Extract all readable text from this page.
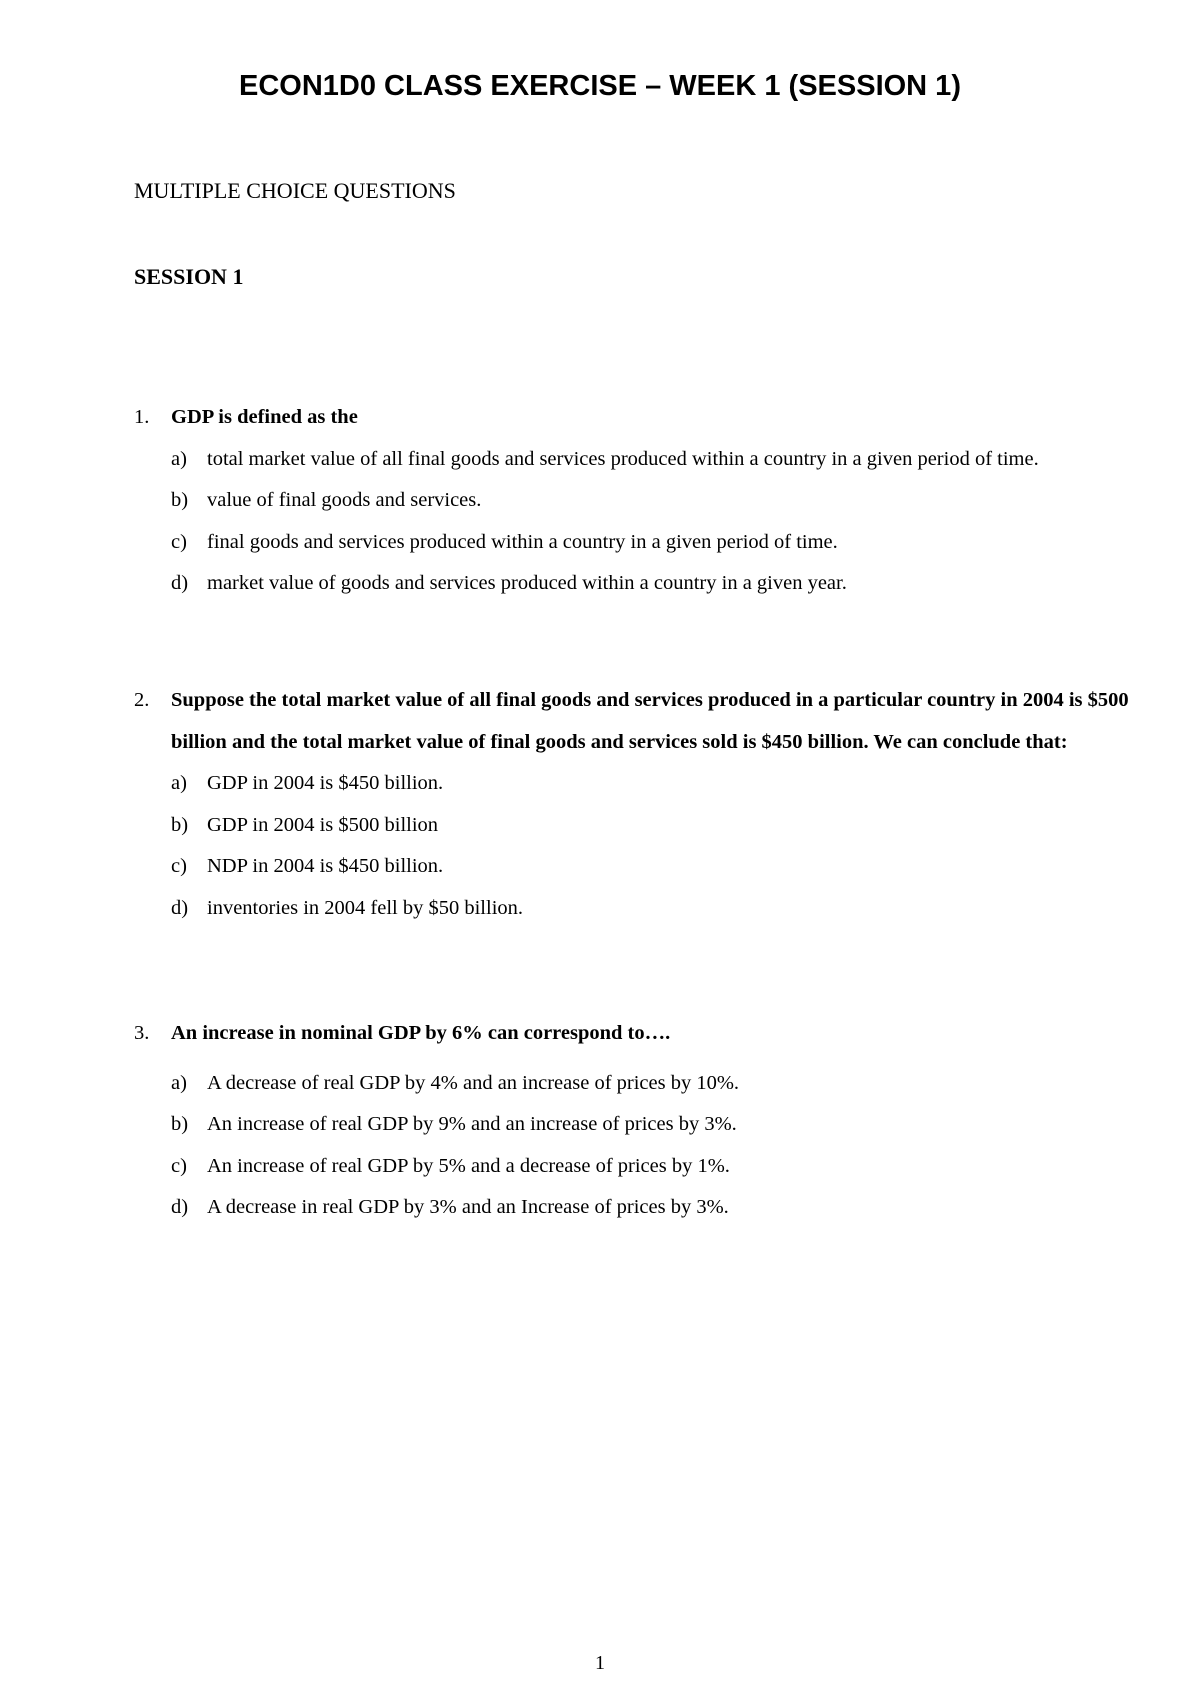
ECON1D0 CLASS EXERCISE – WEEK 1 (SESSION 1)
MULTIPLE CHOICE QUESTIONS
SESSION 1
1.	GDP is defined as the
a) total market value of all final goods and services produced within a country in a given period of time.
b) value of final goods and services.
c) final goods and services produced within a country in a given period of time.
d) market value of goods and services produced within a country in a given year.
2.	Suppose the total market value of all final goods and services produced in a particular country in 2004 is $500 billion and the total market value of final goods and services sold is $450 billion. We can conclude that:
a) GDP in 2004 is $450 billion.
b) GDP in 2004 is $500 billion
c) NDP in 2004 is $450 billion.
d) inventories in 2004 fell by $50 billion.
3.	An increase in nominal GDP by 6% can correspond to….
a) A decrease of real GDP by 4% and an increase of prices by 10%.
b) An increase of real GDP by 9% and an increase of prices by 3%.
c) An increase of real GDP by 5% and a decrease of prices by 1%.
d) A decrease in real GDP by 3% and an Increase of prices by 3%.
1
